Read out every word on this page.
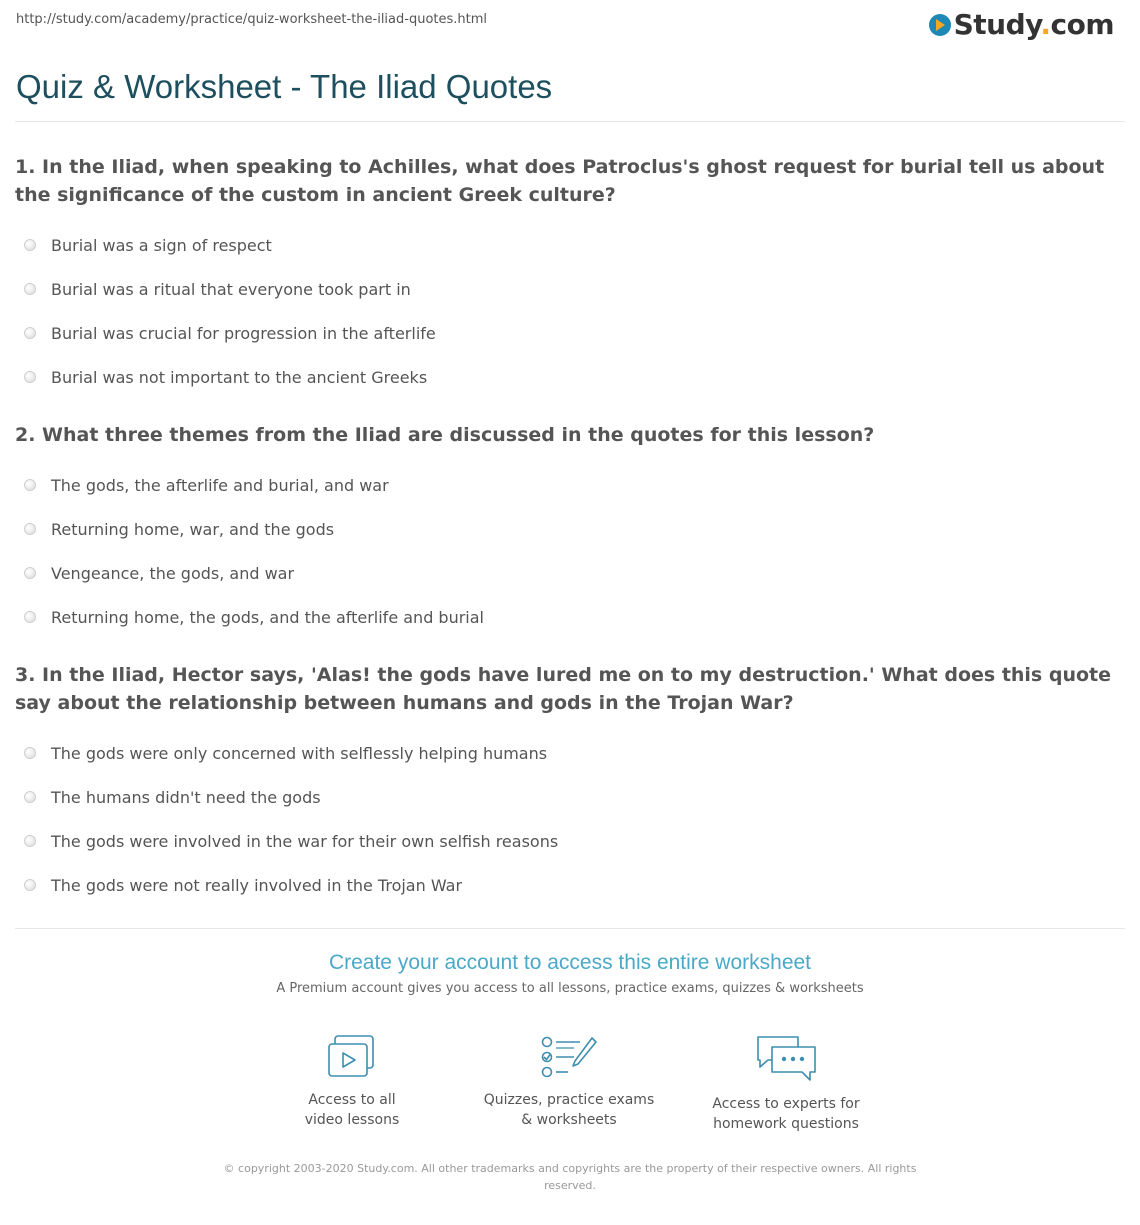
http://study.com/academy/practice/quiz-worksheet-the-iliad-quotes.html	Study.com
Quiz & Worksheet - The Iliad Quotes

1. In the Iliad, when speaking to Achilles, what does Patroclus's ghost request for burial tell us about the significance of the custom in ancient Greek culture?

Burial was a sign of respect
Burial was a ritual that everyone took part in
Burial was crucial for progression in the afterlife
Burial was not important to the ancient Greeks

2. What three themes from the Iliad are discussed in the quotes for this lesson?

The gods, the afterlife and burial, and war
Returning home, war, and the gods
Vengeance, the gods, and war
Returning home, the gods, and the afterlife and burial

3. In the Iliad, Hector says, 'Alas! the gods have lured me on to my destruction.' What does this quote say about the relationship between humans and gods in the Trojan War?

The gods were only concerned with selflessly helping humans
The humans didn't need the gods
The gods were involved in the war for their own selfish reasons
The gods were not really involved in the Trojan War
Create your account to access this entire worksheet
A Premium account gives you access to all lessons, practice exams, quizzes & worksheets
Access to all
video lessons
Quizzes, practice exams
& worksheets
Access to experts for
homework questions
© copyright 2003-2020 Study.com. All other trademarks and copyrights are the property of their respective owners. All rights reserved.
